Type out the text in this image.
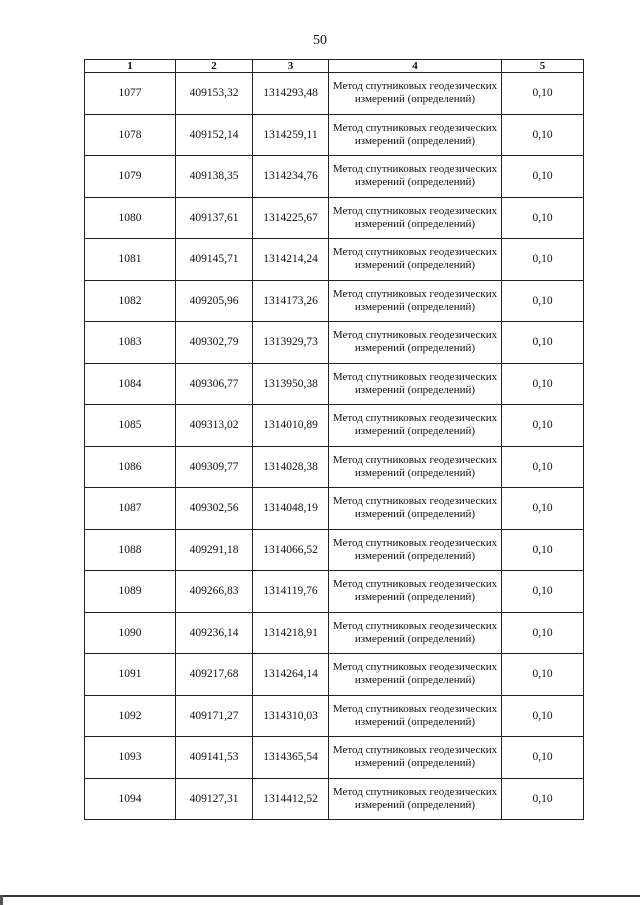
50
1	2	3	4	5
1077	409153,32	1314293,48	Метод спутниковых геодезических измерений (определений)	0,10
1078	409152,14	1314259,11	Метод спутниковых геодезических измерений (определений)	0,10
1079	409138,35	1314234,76	Метод спутниковых геодезических измерений (определений)	0,10
1080	409137,61	1314225,67	Метод спутниковых геодезических измерений (определений)	0,10
1081	409145,71	1314214,24	Метод спутниковых геодезических измерений (определений)	0,10
1082	409205,96	1314173,26	Метод спутниковых геодезических измерений (определений)	0,10
1083	409302,79	1313929,73	Метод спутниковых геодезических измерений (определений)	0,10
1084	409306,77	1313950,38	Метод спутниковых геодезических измерений (определений)	0,10
1085	409313,02	1314010,89	Метод спутниковых геодезических измерений (определений)	0,10
1086	409309,77	1314028,38	Метод спутниковых геодезических измерений (определений)	0,10
1087	409302,56	1314048,19	Метод спутниковых геодезических измерений (определений)	0,10
1088	409291,18	1314066,52	Метод спутниковых геодезических измерений (определений)	0,10
1089	409266,83	1314119,76	Метод спутниковых геодезических измерений (определений)	0,10
1090	409236,14	1314218,91	Метод спутниковых геодезических измерений (определений)	0,10
1091	409217,68	1314264,14	Метод спутниковых геодезических измерений (определений)	0,10
1092	409171,27	1314310,03	Метод спутниковых геодезических измерений (определений)	0,10
1093	409141,53	1314365,54	Метод спутниковых геодезических измерений (определений)	0,10
1094	409127,31	1314412,52	Метод спутниковых геодезических измерений (определений)	0,10
